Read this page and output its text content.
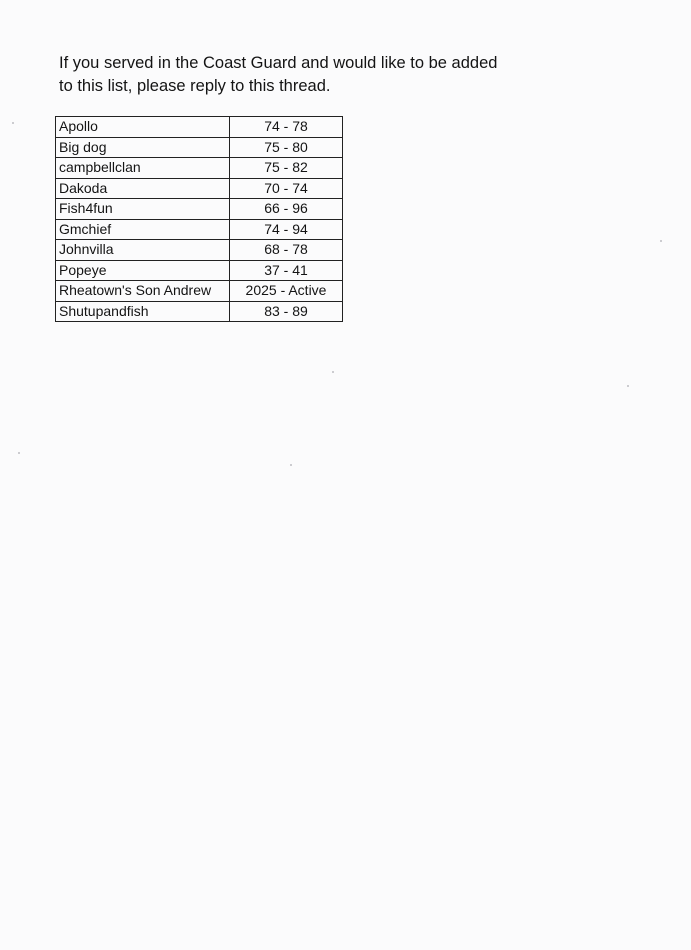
If you served in the Coast Guard and would like to be added
to this list, please reply to this thread.
Apollo	74 - 78
Big dog	75 - 80
campbellclan	75 - 82
Dakoda	70 - 74
Fish4fun	66 - 96
Gmchief	74 - 94
Johnvilla	68 - 78
Popeye	37 - 41
Rheatown's Son Andrew	2025 - Active
Shutupandfish	83 - 89
